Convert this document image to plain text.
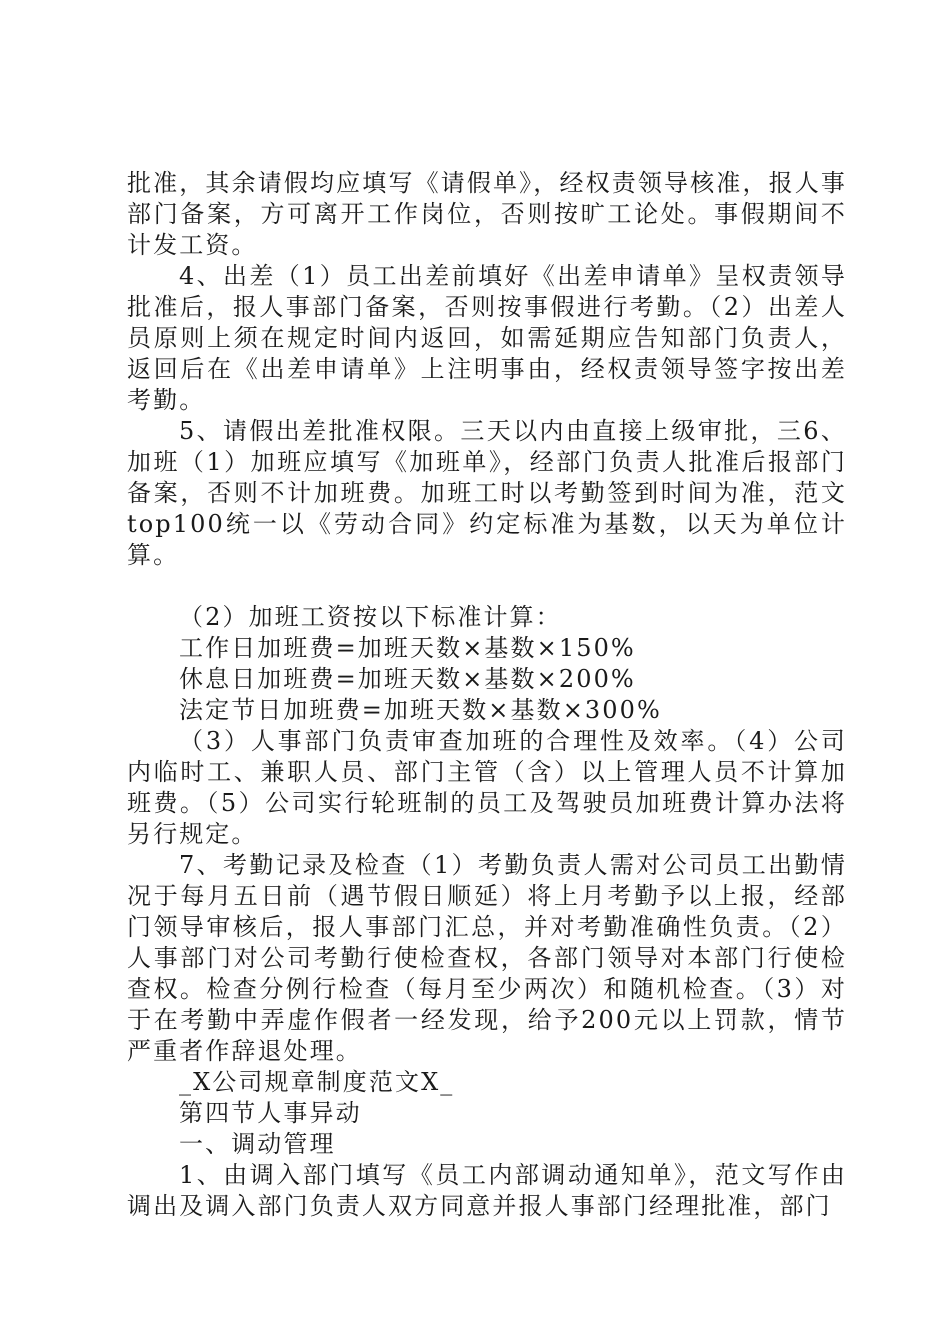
批准，其余请假均应填写《请假单》，经权责领导核准，报人事部门备案，方可离开工作岗位，否则按旷工论处。事假期间不计发工资。

4、出差（1）员工出差前填好《出差申请单》呈权责领导批准后，报人事部门备案，否则按事假进行考勤。（2）出差人员原则上须在规定时间内返回，如需延期应告知部门负责人，返回后在《出差申请单》上注明事由，经权责领导签字按出差考勤。

5、请假出差批准权限。三天以内由直接上级审批，三6、加班（1）加班应填写《加班单》，经部门负责人批准后报部门备案，否则不计加班费。加班工时以考勤签到时间为准，范文top100统一以《劳动合同》约定标准为基数，以天为单位计算。

（2）加班工资按以下标准计算：

工作日加班费=加班天数×基数×150%

休息日加班费=加班天数×基数×200%

法定节日加班费=加班天数×基数×300%

（3）人事部门负责审查加班的合理性及效率。（4）公司内临时工、兼职人员、部门主管（含）以上管理人员不计算加班费。（5）公司实行轮班制的员工及驾驶员加班费计算办法将另行规定。

7、考勤记录及检查（1）考勤负责人需对公司员工出勤情况于每月五日前（遇节假日顺延）将上月考勤予以上报，经部门领导审核后，报人事部门汇总，并对考勤准确性负责。（2）人事部门对公司考勤行使检查权，各部门领导对本部门行使检查权。检查分例行检查（每月至少两次）和随机检查。（3）对于在考勤中弄虚作假者一经发现，给予200元以上罚款，情节严重者作辞退处理。

_X公司规章制度范文X_

第四节人事异动

一、调动管理

1、由调入部门填写《员工内部调动通知单》，范文写作由调出及调入部门负责人双方同意并报人事部门经理批准，部门
